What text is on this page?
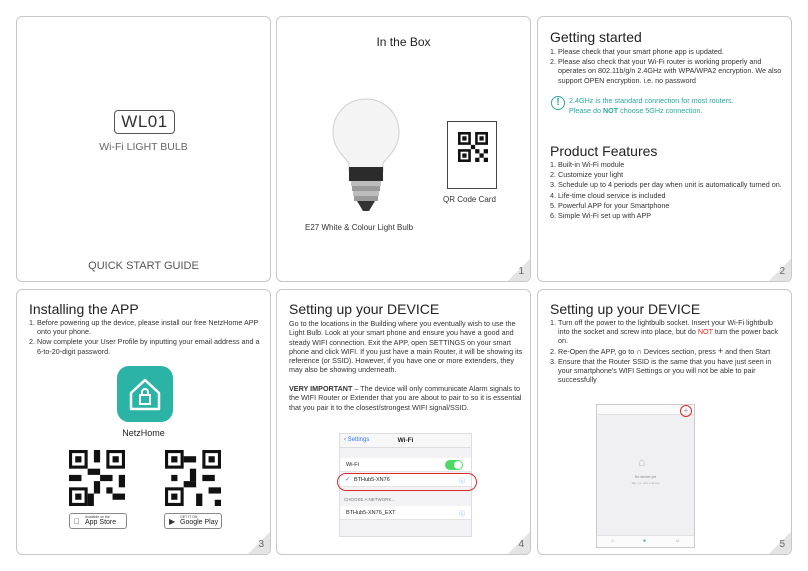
WL01
Wi-Fi LIGHT BULB
QUICK START GUIDE
In the Box
E27 White & Colour Light Bulb
QR Code Card
1
Getting started
1. Please check that your smart phone app is updated.
2. Please also check that your Wi-Fi router is working properly and operates on 802.11b/g/n 2.4GHz with WPA/WPA2 encryption. We also support OPEN encryption. i.e. no password
!	2.4GHz is the standard connection for most routers.
Please do NOT choose 5GHz connection.
Product Features
1. Built-in Wi-Fi module
2. Customize your light
3. Schedule up to 4 periods per day when unit is automatically turned on.
4. Life-time cloud service is included
5. Powerful APP for your Smartphone
6. Simple Wi-Fi set up with APP
2
Installing the APP
1. Before powering up the device, please install our free NetzHome APP onto your phone.
2. Now complete your User Profile by inputting your email address and a 6-to-20-digit password.
NetzHome
Available on the
App Store	▶ GET IT ON
Google Play
3
Setting up your DEVICE
Go to the locations in the Building where you eventually wish to use the Light Bulb. Look at your smart phone and ensure you have a good and steady WIFI connection. Exit the APP, open SETTINGS on your smart phone and click WIFI. If you just have a main Router, it will be showing its reference (or SSID). However, if you have one or more extenders, they may also be showing underneath.
VERY IMPORTANT – The device will only communicate Alarm signals to the WIFI Router or Extender that you are about to pair to so it is essential that you pair it to the closest/strongest WIFI signal/SSID.
‹ Settings	Wi-Fi
Wi-Fi
✓ BTHub5-XN76	ⓘ
CHOOSE A NETWORK...
BTHub5-XN76_EXT	ⓘ
4
Setting up your DEVICE
1. Turn off the power to the lightbulb socket. Insert your Wi-Fi lightbulb into the socket and screw into place, but do NOT turn the power back on.
2. Re-Open the APP, go to ∩ Devices section, press + and then Start
3. Ensure that the Router SSID is the same that you have just seen in your smartphone's WIFI Settings or you will not be able to pair successfully
+
⌂
No device yet
Tap + to add a device
⌂	●	☺	5
